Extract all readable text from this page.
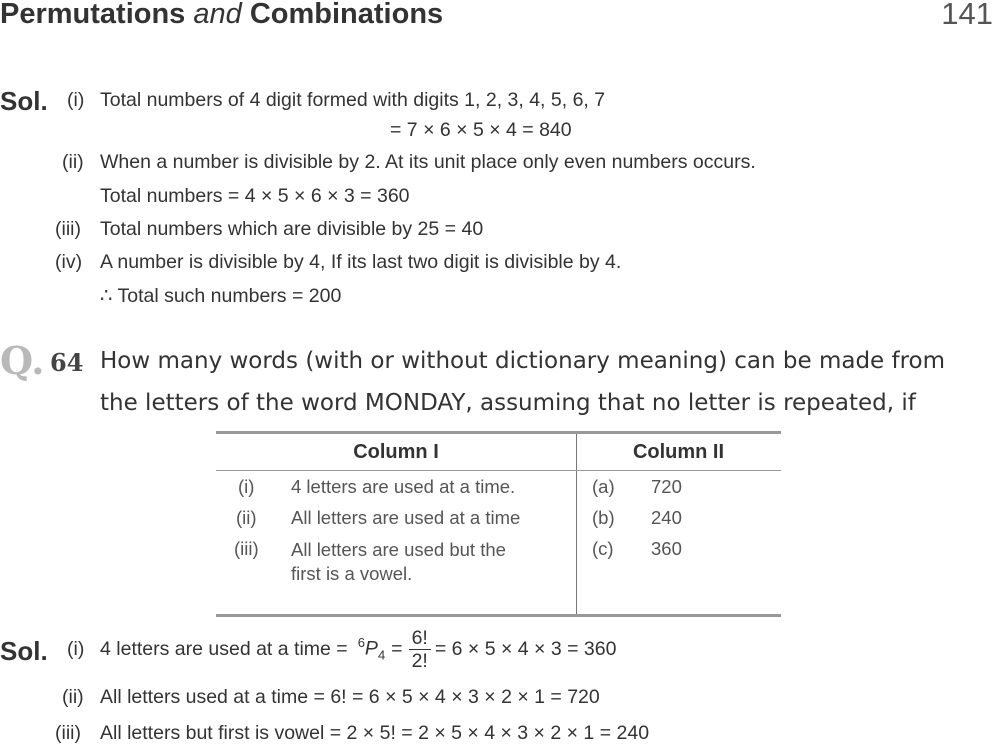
Permutations and Combinations	141
Sol. (i) Total numbers of 4 digit formed with digits 1, 2, 3, 4, 5, 6, 7
= 7 × 6 × 5 × 4 = 840
(ii) When a number is divisible by 2. At its unit place only even numbers occurs.
Total numbers = 4 × 5 × 6 × 3 = 360
(iii) Total numbers which are divisible by 25 = 40
(iv) A number is divisible by 4, If its last two digit is divisible by 4.
∴ Total such numbers = 200
Q. 64 How many words (with or without dictionary meaning) can be made from
the letters of the word MONDAY, assuming that no letter is repeated, if
Column I		Column II	
(i)	4 letters are used at a time.	(a)	720
(ii)	All letters are used at a time	(b)	240
(iii)	All letters are used but the
first is a vowel.	(c)	360
Sol. (i) 4 letters are used at a time = $^6P_4 = \frac{6!}{2!} = 6 \times 5 \times 4 \times 3 = 360$
(ii) All letters used at a time = 6! = 6 × 5 × 4 × 3 × 2 × 1 = 720
(iii) All letters but first is vowel = 2 × 5! = 2 × 5 × 4 × 3 × 2 × 1 = 240
